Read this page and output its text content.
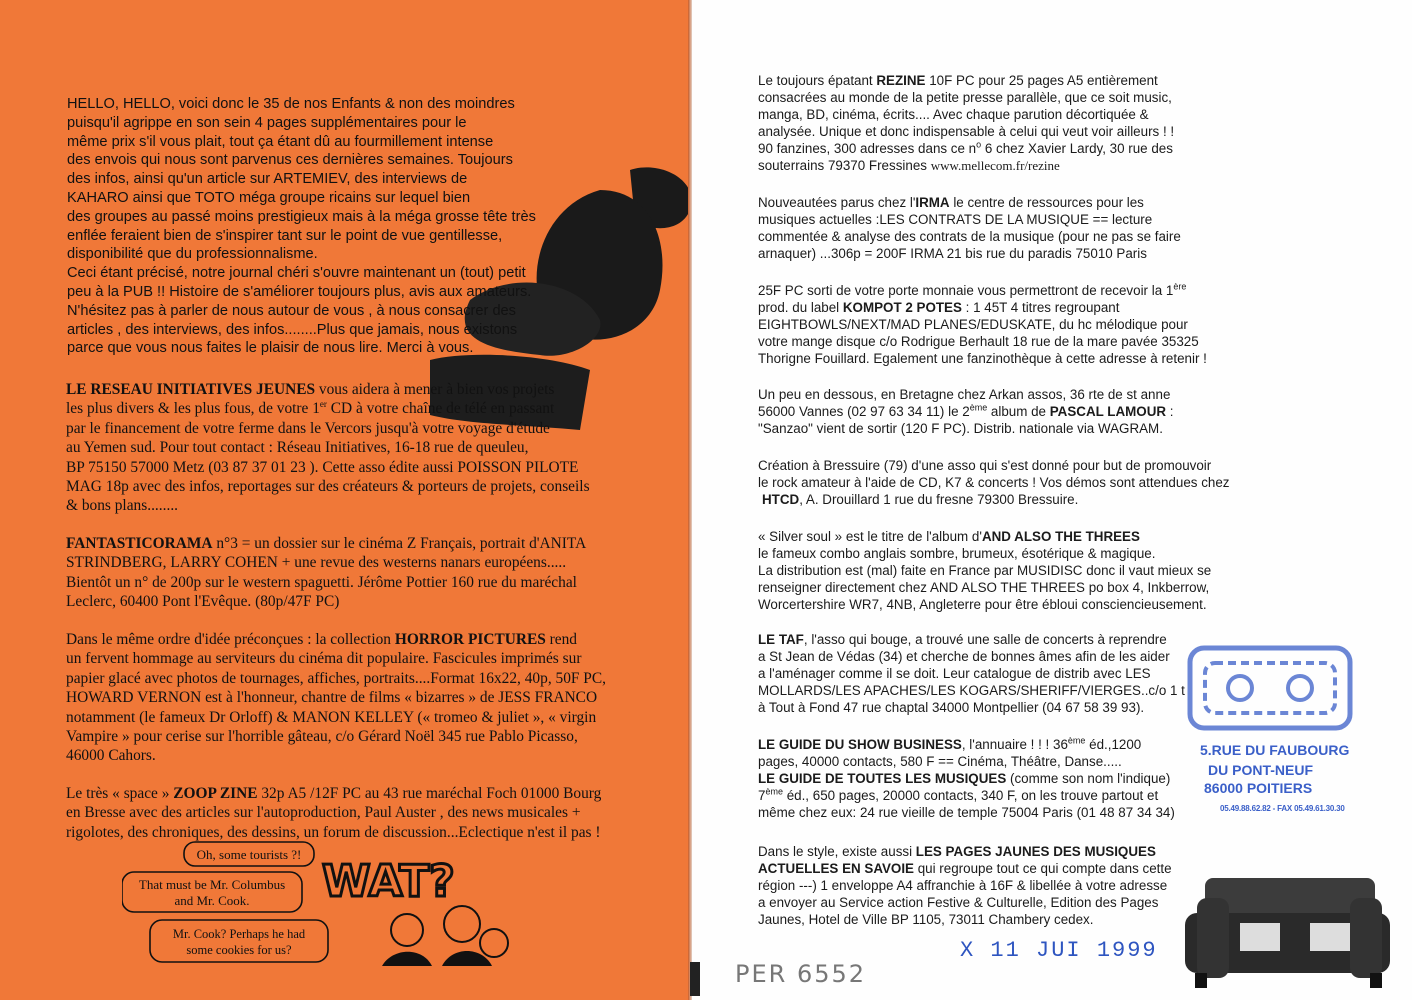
HELLO, HELLO, voici donc le 35 de nos Enfants & non des moindres

puisqu'il agrippe en son sein 4 pages supplémentaires pour le

même prix s'il vous plait, tout ça étant dû au fourmillement intense

des envois qui nous sont parvenus ces dernières semaines. Toujours

des infos, ainsi qu'un article sur ARTEMIEV, des interviews de

KAHARO ainsi que TOTO méga groupe ricains sur lequel bien

des groupes au passé moins prestigieux mais à la méga grosse tête très

enflée feraient bien de s'inspirer tant sur le point de vue gentillesse,

disponibilité que du professionnalisme.

Ceci étant précisé, notre journal chéri s'ouvre maintenant un (tout) petit

peu à la PUB !! Histoire de s'améliorer toujours plus, avis aux amateurs.

N'hésitez pas à parler de nous autour de vous , à nous consacrer des

articles , des interviews, des infos........Plus que jamais, nous existons

parce que vous nous faites le plaisir de nous lire. Merci à vous.

LE RESEAU INITIATIVES JEUNES vous aidera à mener à bien vos projets

les plus divers & les plus fous, de votre 1er CD à votre chaîne de télé en passant

par le financement de votre ferme dans le Vercors jusqu'à votre voyage d'étude

au Yemen sud. Pour tout contact : Réseau Initiatives, 16-18 rue de queuleu,

BP 75150 57000 Metz (03 87 37 01 23 ). Cette asso édite aussi POISSON PILOTE

MAG 18p avec des infos, reportages sur des créateurs & porteurs de projets, conseils

& bons plans........

FANTASTICORAMA n°3 = un dossier sur le cinéma Z Français, portrait d'ANITA

STRINDBERG, LARRY COHEN + une revue des westerns nanars européens.....

Bientôt un n° de 200p sur le western spaguetti. Jérôme Pottier 160 rue du maréchal

Leclerc, 60400 Pont l'Evêque. (80p/47F PC)

Dans le même ordre d'idée préconçues : la collection HORROR PICTURES rend

un fervent hommage au serviteurs du cinéma dit populaire. Fascicules imprimés sur

papier glacé avec photos de tournages, affiches, portraits....Format 16x22, 40p, 50F PC,

HOWARD VERNON est à l'honneur, chantre de films « bizarres » de JESS FRANCO

notamment (le fameux Dr Orloff) & MANON KELLEY (« tromeo & juliet », « virgin

Vampire » pour cerise sur l'horrible gâteau, c/o Gérard Noël 345 rue Pablo Picasso,

46000 Cahors.

Le très « space » ZOOP ZINE 32p A5 /12F PC au 43 rue maréchal Foch 01000 Bourg

en Bresse avec des articles sur l'autoproduction, Paul Auster , des news musicales +

rigolotes, des chroniques, des dessins, un forum de discussion...Eclectique n'est il pas !

Oh, some tourists ?!
That must be Mr. Columbus
and Mr. Cook.
Mr. Cook? Perhaps he had
some cookies for us?
WAT?

Le toujours épatant REZINE 10F PC pour 25 pages A5 entièrement

consacrées au monde de la petite presse parallèle, que ce soit music,

manga, BD, cinéma, écrits.... Avec chaque parution décortiquée &

analysée. Unique et donc indispensable à celui qui veut voir ailleurs ! !

90 fanzines, 300 adresses dans ce $n^o$ 6 chez Xavier Lardy, 30 rue des

souterrains 79370 Fressines www.mellecom.fr/rezine

Nouveautées parus chez l'IRMA le centre de ressources pour les

musiques actuelles :LES CONTRATS DE LA MUSIQUE == lecture

commentée & analyse des contrats de la musique (pour ne pas se faire

arnaquer) ...306p = 200F IRMA 21 bis rue du paradis 75010 Paris

25F PC sorti de votre porte monnaie vous permettront de recevoir la 1ère

prod. du label KOMPOT 2 POTES : 1 45T 4 titres regroupant

EIGHTBOWLS/NEXT/MAD PLANES/EDUSKATE, du hc mélodique pour

votre mange disque c/o Rodrigue Berhault 18 rue de la mare pavée 35325

Thorigne Fouillard. Egalement une fanzinothèque à cette adresse à retenir !

Un peu en dessous, en Bretagne chez Arkan assos, 36 rte de st anne

56000 Vannes (02 97 63 34 11) le 2ème album de PASCAL LAMOUR :

"Sanzao" vient de sortir (120 F PC). Distrib. nationale via WAGRAM.

Création à Bressuire (79) d'une asso qui s'est donné pour but de promouvoir

le rock amateur à l'aide de CD, K7 & concerts ! Vos démos sont attendues chez

HTCD, A. Drouillard 1 rue du fresne 79300 Bressuire.

« Silver soul » est le titre de l'album d'AND ALSO THE THREES

le fameux combo anglais sombre, brumeux, ésotérique & magique.

La distribution est (mal) faite en France par MUSIDISC donc il vaut mieux se

renseigner directement chez AND ALSO THE THREES po box 4, Inkberrow,

Worcertershire WR7, 4NB, Angleterre pour être ébloui consciencieusement.

LE TAF, l'asso qui bouge, a trouvé une salle de concerts à reprendre

a St Jean de Védas (34) et cherche de bonnes âmes afin de les aider

a l'aménager comme il se doit. Leur catalogue de distrib avec LES

MOLLARDS/LES APACHES/LES KOGARS/SHERIFF/VIERGES..c/o 1 t

à Tout à Fond 47 rue chaptal 34000 Montpellier (04 67 58 39 93).

LE GUIDE DU SHOW BUSINESS, l'annuaire ! ! ! 36ème éd.,1200

pages, 40000 contacts, 580 F == Cinéma, Théâtre, Danse.....

LE GUIDE DE TOUTES LES MUSIQUES (comme son nom l'indique)

7ème éd., 650 pages, 20000 contacts, 340 F, on les trouve partout et

même chez eux: 24 rue vieille de temple 75004 Paris (01 48 87 34 34)

Dans le style, existe aussi LES PAGES JAUNES DES MUSIQUES

ACTUELLES EN SAVOIE qui regroupe tout ce qui compte dans cette

région ---) 1 enveloppe A4 affranchie à 16F & libellée à votre adresse

a envoyer au Service action Festive & Culturelle, Edition des Pages

Jaunes, Hotel de Ville BP 1105, 73011 Chambery cedex.

5.RUE DU FAUBOURG
DU PONT-NEUF
86000 POITIERS
05.49.88.62.82 - FAX 05.49.61.30.30
X 11 JUI 1999
PER 6552
